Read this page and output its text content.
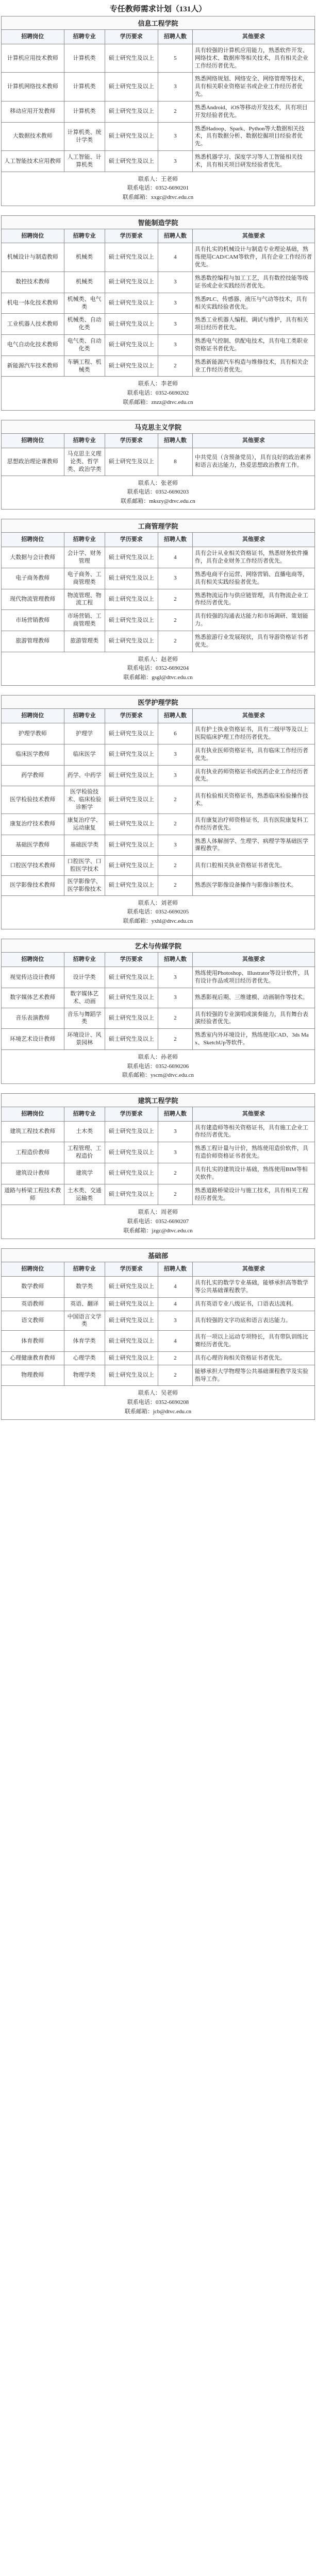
专任教师需求计划（131人）
信息工程学院
招聘岗位	招聘专业	学历要求	招聘人数	其他要求
计算机应用技术教师	计算机类	硕士研究生及以上	5	具有较强的计算机应用能力，熟悉软件开发、网络技术、数据库等相关技术，具有相关企业工作经历者优先。
计算机网络技术教师	计算机类	硕士研究生及以上	3	熟悉网络规划、网络安全、网络管理等技术，具有相关职业资格证书或企业工作经历者优先。
移动应用开发教师	计算机类	硕士研究生及以上	2	熟悉Android、iOS等移动开发技术，具有项目开发经验者优先。
大数据技术教师	计算机类、统计学类	硕士研究生及以上	3	熟悉Hadoop、Spark、Python等大数据相关技术，具有数据分析、数据挖掘项目经验者优先。
人工智能技术应用教师	人工智能、计算机类	硕士研究生及以上	3	熟悉机器学习、深度学习等人工智能相关技术，具有相关项目研发经验者优先。
联系人：王老师
联系电话：0352-6690201
联系邮箱：xxgc@dtvc.edu.cn
智能制造学院
招聘岗位	招聘专业	学历要求	招聘人数	其他要求
机械设计与制造教师	机械类	硕士研究生及以上	4	具有扎实的机械设计与制造专业理论基础，熟练使用CAD/CAM等软件，具有企业工作经历者优先。
数控技术教师	机械类	硕士研究生及以上	3	熟悉数控编程与加工工艺，具有数控技能等级证书或企业实践经历者优先。
机电一体化技术教师	机械类、电气类	硕士研究生及以上	3	熟悉PLC、传感器、液压与气动等技术，具有相关实践经验者优先。
工业机器人技术教师	机械类、自动化类	硕士研究生及以上	3	熟悉工业机器人编程、调试与维护，具有相关项目经历者优先。
电气自动化技术教师	电气类、自动化类	硕士研究生及以上	3	熟悉电气控制、供配电技术，具有电工类职业资格证书者优先。
新能源汽车技术教师	车辆工程、机械类	硕士研究生及以上	2	熟悉新能源汽车构造与维修技术，具有相关企业工作经历者优先。
联系人：李老师
联系电话：0352-6690202
联系邮箱：znzz@dtvc.edu.cn
马克思主义学院
招聘岗位	招聘专业	学历要求	招聘人数	其他要求
思想政治理论课教师	马克思主义理论类、哲学类、政治学类	硕士研究生及以上	8	中共党员（含预备党员），具有良好的政治素养和语言表达能力，热爱思想政治教育工作。
联系人：张老师
联系电话：0352-6690203
联系邮箱：mkszy@dtvc.edu.cn
工商管理学院
招聘岗位	招聘专业	学历要求	招聘人数	其他要求
大数据与会计教师	会计学、财务管理	硕士研究生及以上	4	具有会计从业相关资格证书，熟悉财务软件操作，具有企业财务工作经历者优先。
电子商务教师	电子商务、工商管理类	硕士研究生及以上	3	熟悉电商平台运营、网络营销、直播电商等，具有相关实践经验者优先。
现代物流管理教师	物流管理、物流工程	硕士研究生及以上	2	熟悉物流运作与供应链管理，具有物流企业工作经历者优先。
市场营销教师	市场营销、工商管理类	硕士研究生及以上	2	具有较强的沟通表达能力和市场调研、策划能力。
旅游管理教师	旅游管理类	硕士研究生及以上	2	熟悉旅游行业发展现状，具有导游资格证书者优先。
联系人：赵老师
联系电话：0352-6690204
联系邮箱：gsgl@dtvc.edu.cn
医学护理学院
招聘岗位	招聘专业	学历要求	招聘人数	其他要求
护理学教师	护理学	硕士研究生及以上	6	具有护士执业资格证书，具有二级甲等及以上医院临床护理工作经历者优先。
临床医学教师	临床医学	硕士研究生及以上	3	具有执业医师资格证书，具有临床工作经历者优先。
药学教师	药学、中药学	硕士研究生及以上	3	具有执业药师资格证书或医药企业工作经历者优先。
医学检验技术教师	医学检验技术、临床检验诊断学	硕士研究生及以上	2	具有检验相关资格证书，熟悉临床检验操作技术。
康复治疗技术教师	康复治疗学、运动康复	硕士研究生及以上	2	具有康复治疗师资格证书，具有医院康复科工作经历者优先。
基础医学教师	基础医学类	硕士研究生及以上	3	熟悉人体解剖学、生理学、病理学等基础医学课程教学。
口腔医学技术教师	口腔医学、口腔医学技术	硕士研究生及以上	2	具有口腔相关执业资格证书者优先。
医学影像技术教师	医学影像学、医学影像技术	硕士研究生及以上	2	熟悉医学影像设备操作与影像诊断技术。
联系人：刘老师
联系电话：0352-6690205
联系邮箱：yxhl@dtvc.edu.cn
艺术与传媒学院
招聘岗位	招聘专业	学历要求	招聘人数	其他要求
视觉传达设计教师	设计学类	硕士研究生及以上	3	熟练使用Photoshop、Illustrator等设计软件，具有设计作品或项目经历者优先。
数字媒体艺术教师	数字媒体艺术、动画	硕士研究生及以上	3	熟悉影视后期、三维建模、动画制作等技术。
音乐表演教师	音乐与舞蹈学类	硕士研究生及以上	2	具有较强的专业演唱或演奏能力，具有舞台表演经验者优先。
环境艺术设计教师	环境设计、风景园林	硕士研究生及以上	2	熟悉室内外环境设计，熟练使用CAD、3ds Max、SketchUp等软件。
联系人：孙老师
联系电话：0352-6690206
联系邮箱：yscm@dtvc.edu.cn
建筑工程学院
招聘岗位	招聘专业	学历要求	招聘人数	其他要求
建筑工程技术教师	土木类	硕士研究生及以上	3	具有建造师等相关资格证书，具有施工企业工作经历者优先。
工程造价教师	工程管理、工程造价	硕士研究生及以上	3	熟悉工程计量与计价，熟练使用造价软件，具有造价师资格证书者优先。
建筑设计教师	建筑学	硕士研究生及以上	2	具有扎实的建筑设计基础，熟练使用BIM等相关软件。
道路与桥梁工程技术教师	土木类、交通运输类	硕士研究生及以上	2	熟悉道路桥梁设计与施工技术，具有相关工程经历者优先。
联系人：周老师
联系电话：0352-6690207
联系邮箱：jzgc@dtvc.edu.cn
基础部
招聘岗位	招聘专业	学历要求	招聘人数	其他要求
数学教师	数学类	硕士研究生及以上	4	具有扎实的数学专业基础，能够承担高等数学等公共基础课程教学。
英语教师	英语、翻译	硕士研究生及以上	4	具有英语专业八级证书，口语表达流利。
语文教师	中国语言文学类	硕士研究生及以上	3	具有较强的文字功底和语言表达能力。
体育教师	体育学类	硕士研究生及以上	4	具有一项以上运动专项特长，具有带队训练比赛经历者优先。
心理健康教育教师	心理学类	硕士研究生及以上	2	具有心理咨询相关资格证书者优先。
物理教师	物理学类	硕士研究生及以上	2	能够承担大学物理等公共基础课程教学及实验指导工作。
联系人：吴老师
联系电话：0352-6690208
联系邮箱：jcb@dtvc.edu.cn
